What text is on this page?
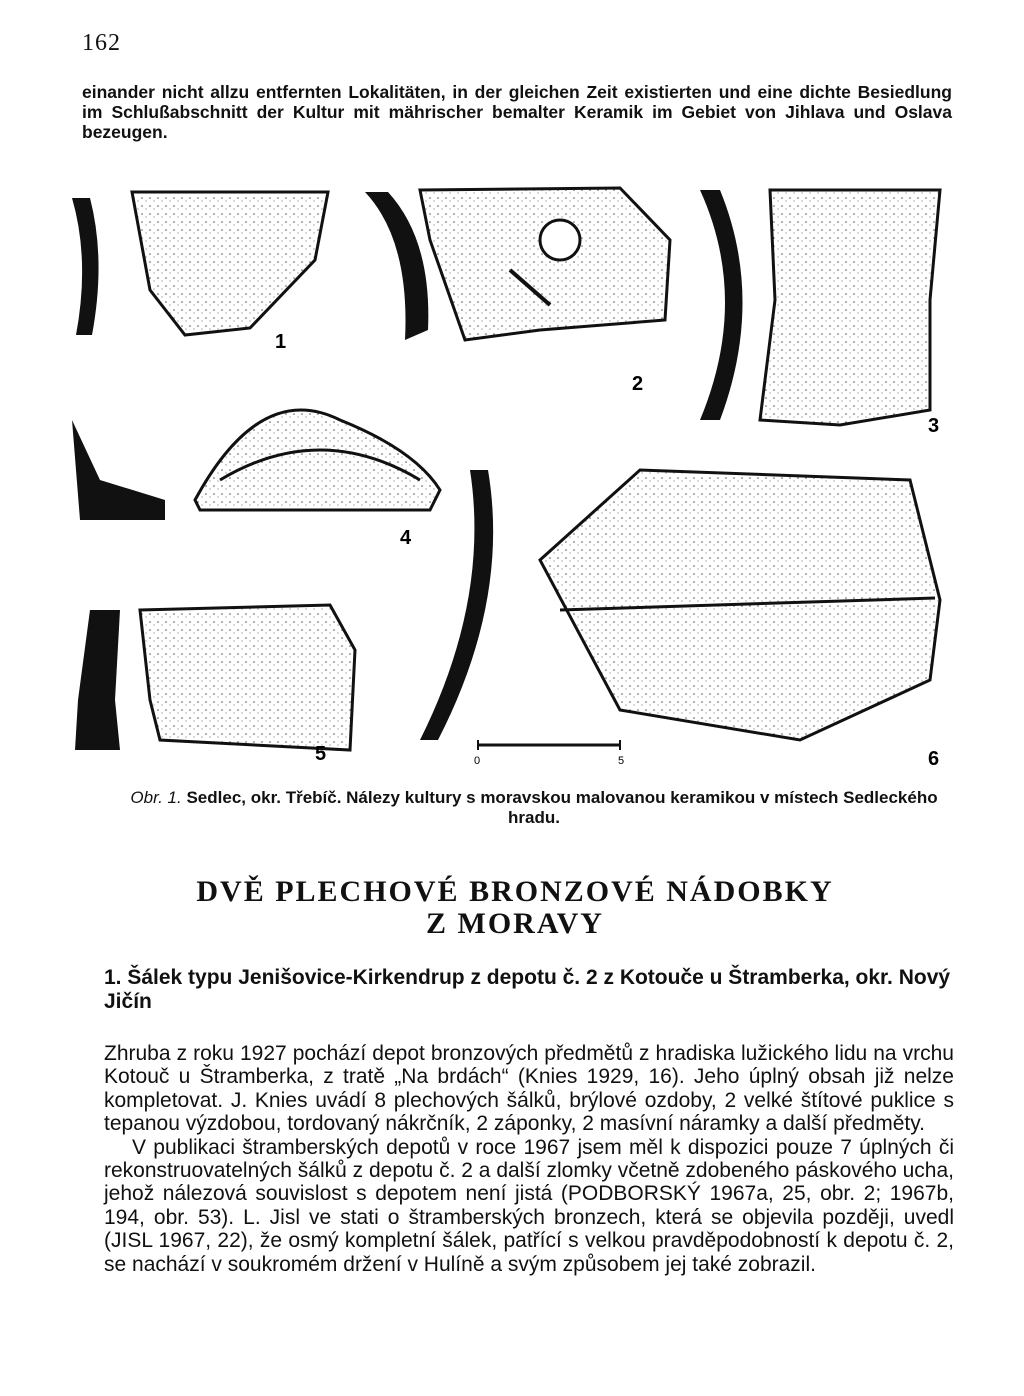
162
einander nicht allzu entfernten Lokalitäten, in der gleichen Zeit existierten und eine dichte Besiedlung im Schlußabschnitt der Kultur mit mährischer bemalter Keramik im Gebiet von Jihlava und Oslava bezeugen.
0	5
1
2
3
4
5	6
Obr. 1. Sedlec, okr. Třebíč. Nálezy kultury s moravskou malovanou keramikou v místech Sedleckého hradu.
DVĚ PLECHOVÉ BRONZOVÉ NÁDOBKY
Z MORAVY
1. Šálek typu Jenišovice-Kirkendrup z depotu č. 2 z Kotouče u Štramberka, okr. Nový Jičín

Zhruba z roku 1927 pochází depot bronzových předmětů z hradiska lužického lidu na vrchu Kotouč u Štramberka, z tratě „Na brdách“ (Knies 1929, 16). Jeho úplný obsah již nelze kompletovat. J. Knies uvádí 8 plechových šálků, brýlové ozdoby, 2 velké štítové puklice s tepanou výzdobou, tordovaný nákrčník, 2 záponky, 2 masívní náramky a další předměty.

V publikaci štramberských depotů v roce 1967 jsem měl k dispozici pouze 7 úplných či rekonstruovatelných šálků z depotu č. 2 a další zlomky včetně zdobeného páskového ucha, jehož nálezová souvislost s depotem není jistá (PODBORSKÝ 1967a, 25, obr. 2; 1967b, 194, obr. 53). L. Jisl ve stati o štramberských bronzech, která se objevila později, uvedl (JISL 1967, 22), že osmý kompletní šálek, patřící s velkou pravděpodobností k depotu č. 2, se nachází v soukromém držení v Hulíně a svým způsobem jej také zobrazil.
